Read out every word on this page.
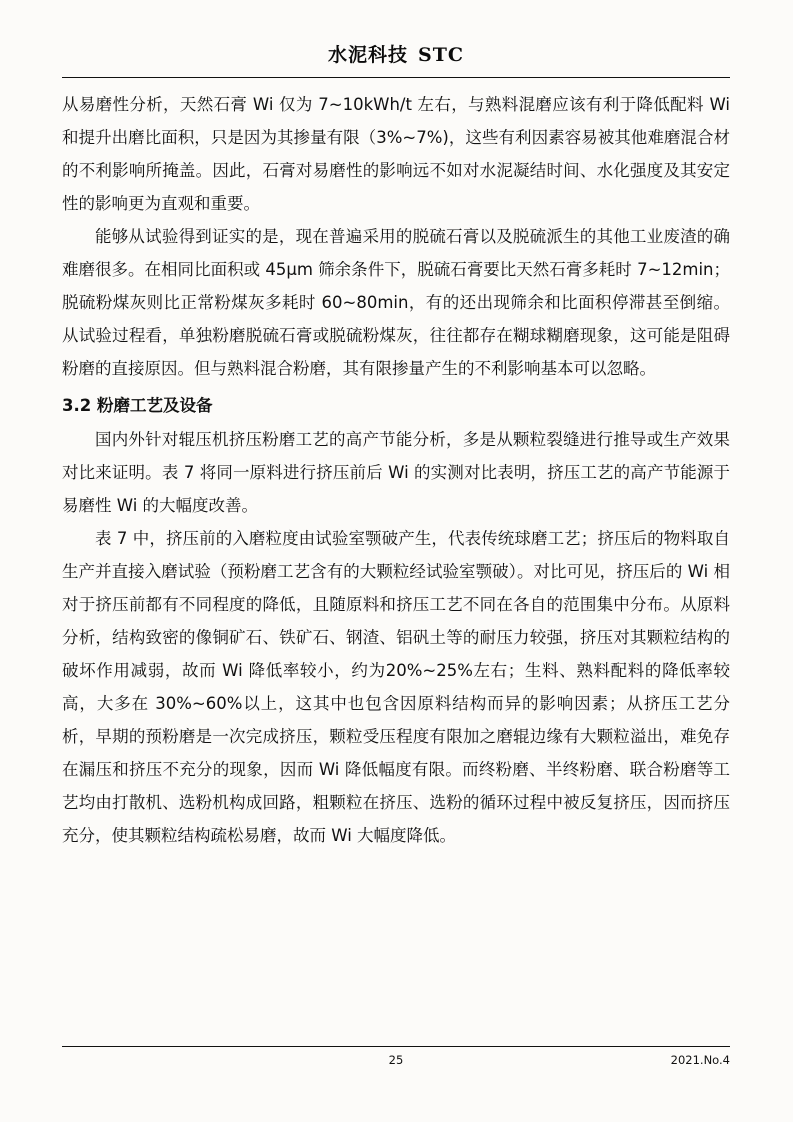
水泥科技 STC

从易磨性分析，天然石膏 Wi 仅为 7~10kWh/t 左右，与熟料混磨应该有利于降低配料 Wi 和提升出磨比面积，只是因为其掺量有限（3%~7%)，这些有利因素容易被其他难磨混合材的不利影响所掩盖。因此，石膏对易磨性的影响远不如对水泥凝结时间、水化强度及其安定性的影响更为直观和重要。

能够从试验得到证实的是，现在普遍采用的脱硫石膏以及脱硫派生的其他工业废渣的确难磨很多。在相同比面积或 45μm 筛余条件下，脱硫石膏要比天然石膏多耗时 7~12min；脱硫粉煤灰则比正常粉煤灰多耗时 60~80min，有的还出现筛余和比面积停滞甚至倒缩。从试验过程看，单独粉磨脱硫石膏或脱硫粉煤灰，往往都存在糊球糊磨现象，这可能是阻碍粉磨的直接原因。但与熟料混合粉磨，其有限掺量产生的不利影响基本可以忽略。

3.2 粉磨工艺及设备

国内外针对辊压机挤压粉磨工艺的高产节能分析，多是从颗粒裂缝进行推导或生产效果对比来证明。表 7 将同一原料进行挤压前后 Wi 的实测对比表明，挤压工艺的高产节能源于易磨性 Wi 的大幅度改善。

表 7 中，挤压前的入磨粒度由试验室颚破产生，代表传统球磨工艺；挤压后的物料取自生产并直接入磨试验（预粉磨工艺含有的大颗粒经试验室颚破）。对比可见，挤压后的 Wi 相对于挤压前都有不同程度的降低，且随原料和挤压工艺不同在各自的范围集中分布。从原料分析，结构致密的像铜矿石、铁矿石、钢渣、铝矾土等的耐压力较强，挤压对其颗粒结构的破坏作用减弱，故而 Wi 降低率较小，约为20%~25%左右；生料、熟料配料的降低率较高，大多在 30%~60%以上，这其中也包含因原料结构而异的影响因素；从挤压工艺分析，早期的预粉磨是一次完成挤压，颗粒受压程度有限加之磨辊边缘有大颗粒溢出，难免存在漏压和挤压不充分的现象，因而 Wi 降低幅度有限。而终粉磨、半终粉磨、联合粉磨等工艺均由打散机、选粉机构成回路，粗颗粒在挤压、选粉的循环过程中被反复挤压，因而挤压充分，使其颗粒结构疏松易磨，故而 Wi 大幅度降低。

25	2021.No.4
